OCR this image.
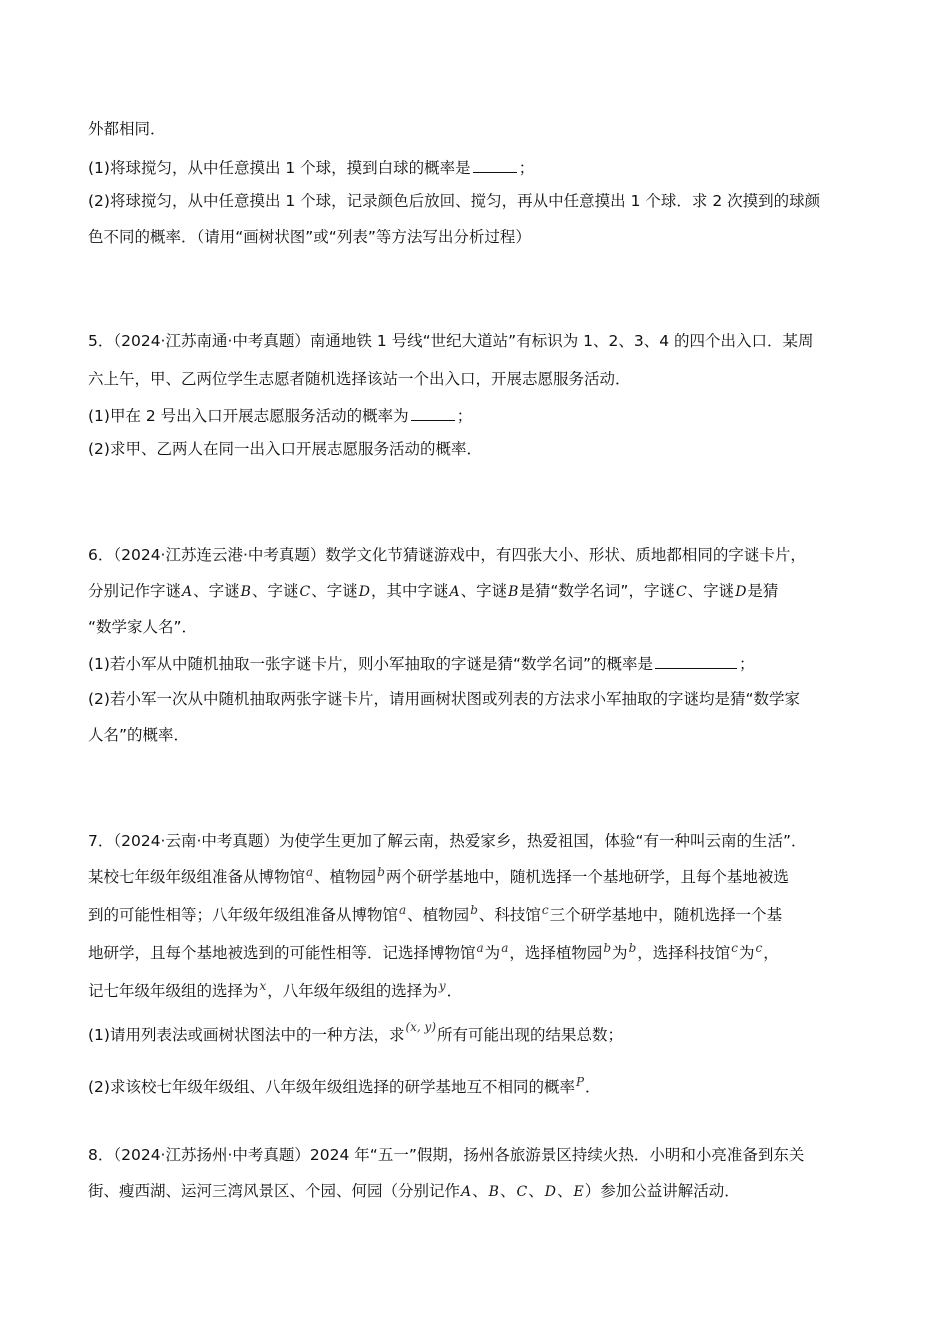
外都相同．
(1)将球搅匀，从中任意摸出 1 个球，摸到白球的概率是	；
(2)将球搅匀，从中任意摸出 1 个球，记录颜色后放回、搅匀，再从中任意摸出 1 个球．求 2 次摸到的球颜
色不同的概率．（请用“画树状图”或“列表”等方法写出分析过程）
5．（2024·江苏南通·中考真题）南通地铁 1 号线“世纪大道站”有标识为 1、2、3、4 的四个出入口．某周
六上午，甲、乙两位学生志愿者随机选择该站一个出入口，开展志愿服务活动．
(1)甲在 2 号出入口开展志愿服务活动的概率为	；
(2)求甲、乙两人在同一出入口开展志愿服务活动的概率．
6．（2024·江苏连云港·中考真题）数学文化节猜谜游戏中，有四张大小、形状、质地都相同的字谜卡片，
分别记作字谜A、字谜B、字谜C、字谜D，其中字谜A、字谜B是猜“数学名词”，字谜C、字谜D是猜
“数学家人名”．
(1)若小军从中随机抽取一张字谜卡片，则小军抽取的字谜是猜“数学名词”的概率是	；
(2)若小军一次从中随机抽取两张字谜卡片，请用画树状图或列表的方法求小军抽取的字谜均是猜“数学家
人名”的概率．
7．（2024·云南·中考真题）为使学生更加了解云南，热爱家乡，热爱祖国，体验“有一种叫云南的生活”．
某校七年级年级组准备从博物馆$^a$、植物园$^b$两个研学基地中，随机选择一个基地研学，且每个基地被选
到的可能性相等；八年级年级组准备从博物馆$^a$、植物园$^b$、科技馆$^c$三个研学基地中，随机选择一个基
地研学，且每个基地被选到的可能性相等．记选择博物馆$^a$为$^a$，选择植物园$^b$为$^b$，选择科技馆$^c$为$^c$，
记七年级年级组的选择为$^x$，八年级年级组的选择为$^y$．
(1)请用列表法或画树状图法中的一种方法，求$^{(x, y)}$所有可能出现的结果总数；
(2)求该校七年级年级组、八年级年级组选择的研学基地互不相同的概率$^P$．
8．（2024·江苏扬州·中考真题）2024 年“五一”假期，扬州各旅游景区持续火热．小明和小亮准备到东关
街、瘦西湖、运河三湾风景区、个园、何园（分别记作A、B、C、D、E）参加公益讲解活动．
